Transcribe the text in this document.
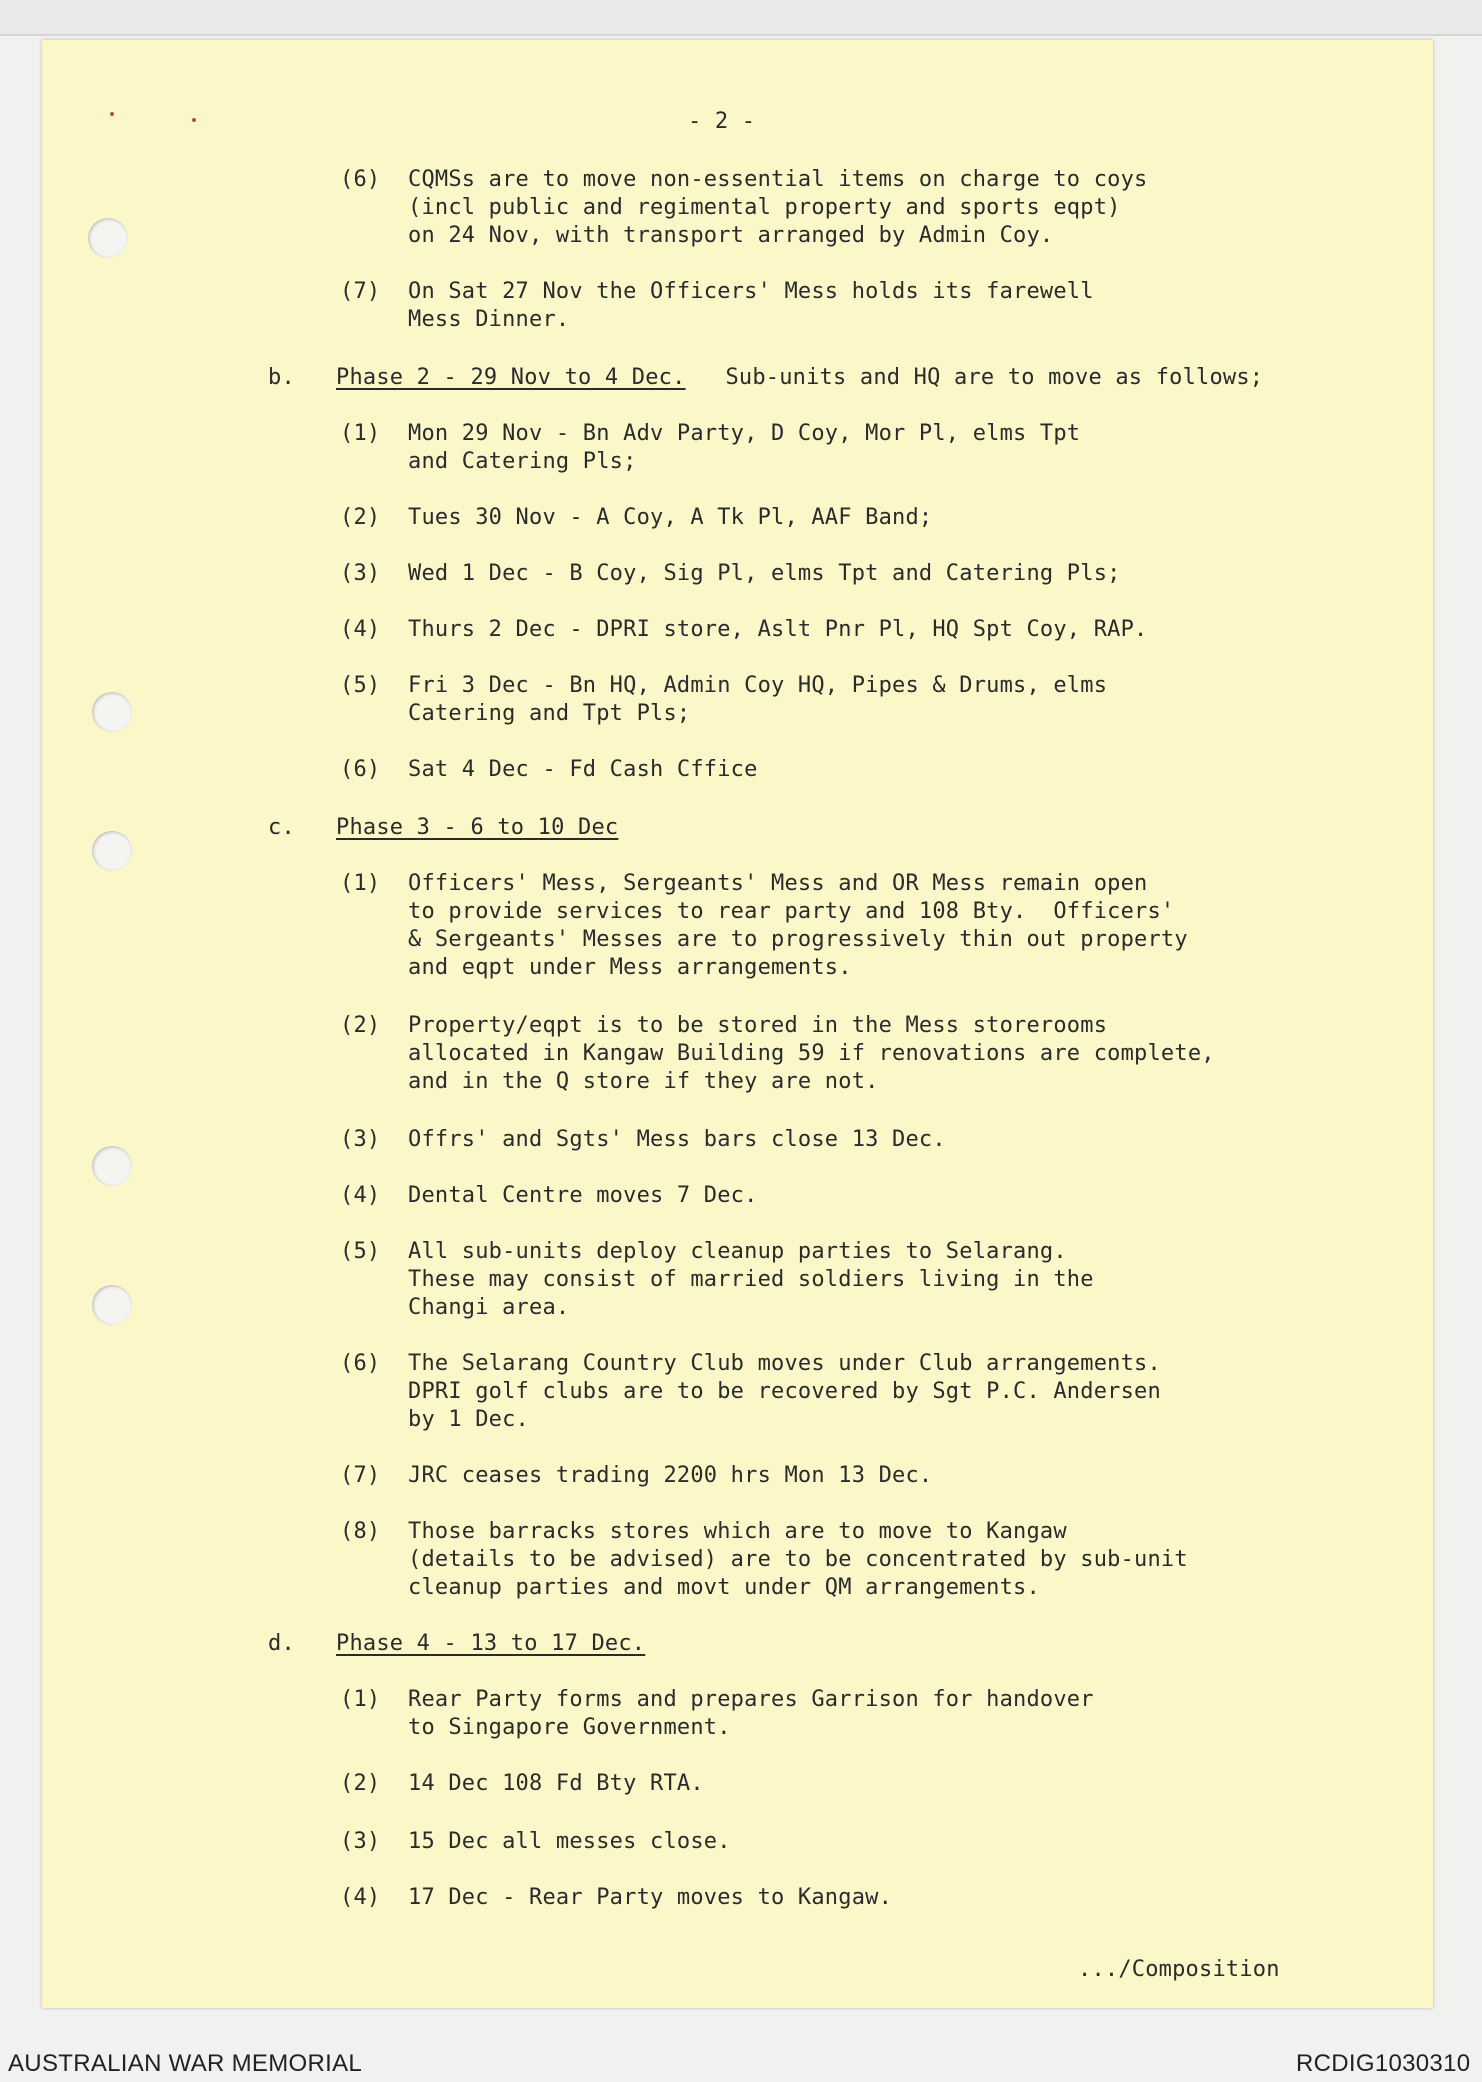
- 2 -
(6) CQMSs are to move non-essential items on charge to coys
(incl public and regimental property and sports eqpt)
on 24 Nov, with transport arranged by Admin Coy.
(7) On Sat 27 Nov the Officers' Mess holds its farewell
Mess Dinner.
b. Phase 2 - 29 Nov to 4 Dec. Sub-units and HQ are to move as follows;
(1) Mon 29 Nov - Bn Adv Party, D Coy, Mor Pl, elms Tpt
and Catering Pls;
(2) Tues 30 Nov - A Coy, A Tk Pl, AAF Band;
(3) Wed 1 Dec - B Coy, Sig Pl, elms Tpt and Catering Pls;
(4) Thurs 2 Dec - DPRI store, Aslt Pnr Pl, HQ Spt Coy, RAP.
(5) Fri 3 Dec - Bn HQ, Admin Coy HQ, Pipes & Drums, elms
Catering and Tpt Pls;
(6) Sat 4 Dec - Fd Cash Cffice
c. Phase 3 - 6 to 10 Dec
(1) Officers' Mess, Sergeants' Mess and OR Mess remain open
to provide services to rear party and 108 Bty.  Officers'
& Sergeants' Messes are to progressively thin out property
and eqpt under Mess arrangements.
(2) Property/eqpt is to be stored in the Mess storerooms
allocated in Kangaw Building 59 if renovations are complete,
and in the Q store if they are not.
(3) Offrs' and Sgts' Mess bars close 13 Dec.
(4) Dental Centre moves 7 Dec.
(5) All sub-units deploy cleanup parties to Selarang.
These may consist of married soldiers living in the
Changi area.
(6) The Selarang Country Club moves under Club arrangements.
DPRI golf clubs are to be recovered by Sgt P.C. Andersen
by 1 Dec.
(7) JRC ceases trading 2200 hrs Mon 13 Dec.
(8) Those barracks stores which are to move to Kangaw
(details to be advised) are to be concentrated by sub-unit
cleanup parties and movt under QM arrangements.
d. Phase 4 - 13 to 17 Dec.
(1) Rear Party forms and prepares Garrison for handover
to Singapore Government.
(2) 14 Dec 108 Fd Bty RTA.
(3) 15 Dec all messes close.
(4) 17 Dec - Rear Party moves to Kangaw.
.../Composition
AUSTRALIAN WAR MEMORIAL	RCDIG1030310
